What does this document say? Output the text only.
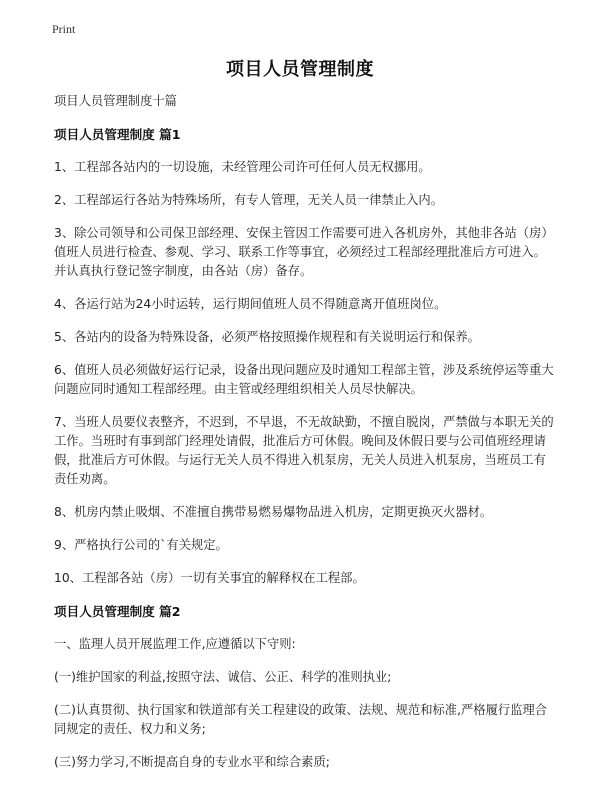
Print
项目人员管理制度
项目人员管理制度十篇
项目人员管理制度 篇1
1、工程部各站内的一切设施，未经管理公司许可任何人员无权挪用。
2、工程部运行各站为特殊场所，有专人管理，无关人员一律禁止入内。
3、除公司领导和公司保卫部经理、安保主管因工作需要可进入各机房外，其他非各站（房）值班人员进行检查、参观、学习、联系工作等事宜，必须经过工程部经理批准后方可进入。并认真执行登记签字制度，由各站（房）备存。
4、各运行站为24小时运转，运行期间值班人员不得随意离开值班岗位。
5、各站内的设备为特殊设备，必须严格按照操作规程和有关说明运行和保养。
6、值班人员必须做好运行记录，设备出现问题应及时通知工程部主管，涉及系统停运等重大问题应同时通知工程部经理。由主管或经理组织相关人员尽快解决。
7、当班人员要仪表整齐，不迟到，不早退，不无故缺勤，不擅自脱岗，严禁做与本职无关的工作。当班时有事到部门经理处请假，批准后方可休假。晚间及休假日要与公司值班经理请假，批准后方可休假。与运行无关人员不得进入机泵房，无关人员进入机泵房，当班员工有责任劝离。
8、机房内禁止吸烟、不准擅自携带易燃易爆物品进入机房，定期更换灭火器材。
9、严格执行公司的`有关规定。
10、工程部各站（房）一切有关事宜的解释权在工程部。
项目人员管理制度 篇2
一、监理人员开展监理工作,应遵循以下守则:
(一)维护国家的利益,按照守法、诚信、公正、科学的准则执业;
(二)认真贯彻、执行国家和铁道部有关工程建设的政策、法规、规范和标准,严格履行监理合同规定的责任、权力和义务;
(三)努力学习,不断提高自身的专业水平和综合素质;
